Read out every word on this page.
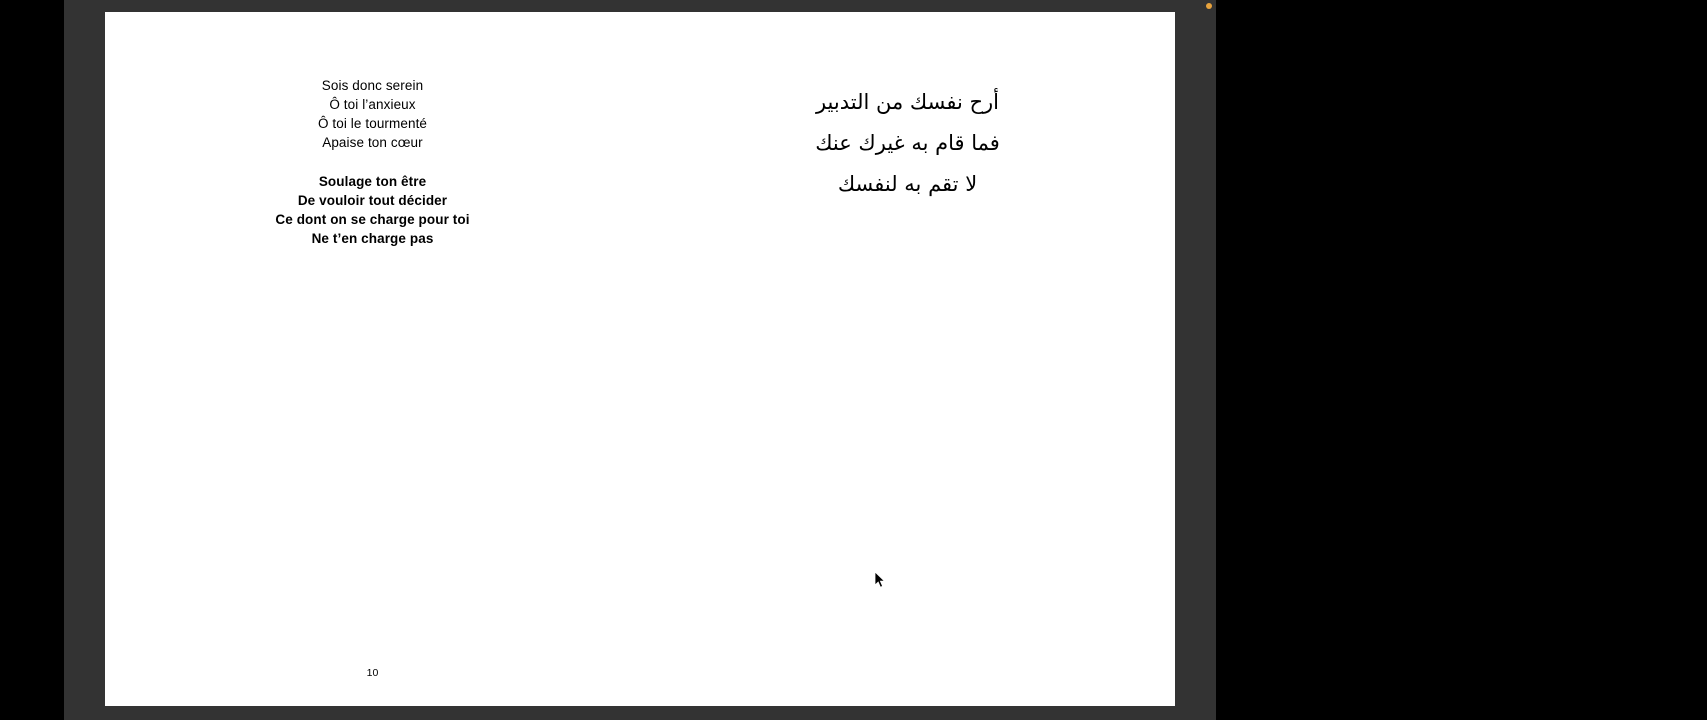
Sois donc serein
Ô toi l’anxieux
Ô toi le tourmenté
Apaise ton cœur
Soulage ton être
De vouloir tout décider
Ce dont on se charge pour toi
Ne t’en charge pas
10
أرح نفسك من التدبير
فما قام به غيرك عنك
لا تقم به لنفسك
11
